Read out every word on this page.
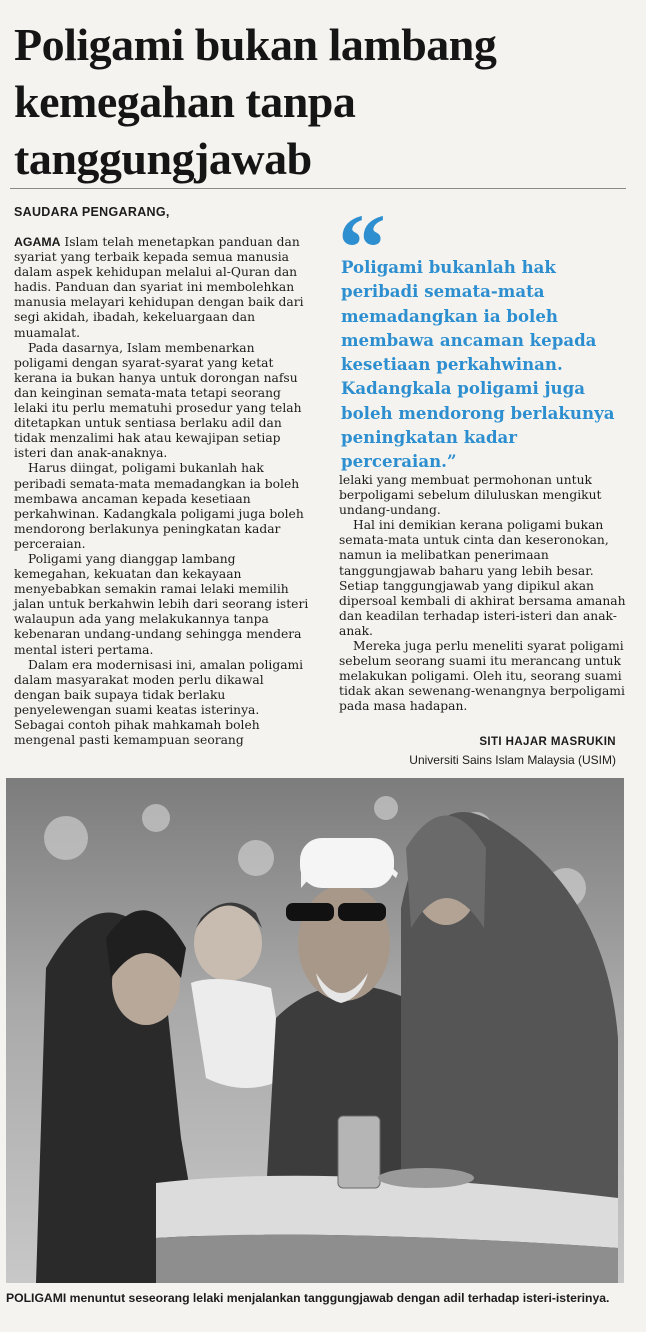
Poligami bukan lambang
kemegahan tanpa
tanggungjawab
SAUDARA PENGARANG,

AGAMA Islam telah menetapkan panduan dan syariat yang terbaik kepada semua manusia dalam aspek kehidupan melalui al-Quran dan hadis. Panduan dan syariat ini membolehkan manusia melayari kehidupan dengan baik dari segi akidah, ibadah, kekeluargaan dan muamalat.

Pada dasarnya, Islam membenarkan poligami dengan syarat-syarat yang ketat kerana ia bukan hanya untuk dorongan nafsu dan keinginan semata-mata tetapi seorang lelaki itu perlu mematuhi prosedur yang telah ditetapkan untuk sentiasa berlaku adil dan tidak menzalimi hak atau kewajipan setiap isteri dan anak-anaknya.

Harus diingat, poligami bukanlah hak peribadi semata-mata memadangkan ia boleh membawa ancaman kepada kesetiaan perkahwinan. Kadangkala poligami juga boleh mendorong berlakunya peningkatan kadar perceraian.

Poligami yang dianggap lambang kemegahan, kekuatan dan kekayaan menyebabkan semakin ramai lelaki memilih jalan untuk berkahwin lebih dari seorang isteri walaupun ada yang melakukannya tanpa kebenaran undang-undang sehingga mendera mental isteri pertama.

Dalam era modernisasi ini, amalan poligami dalam masyarakat moden perlu dikawal dengan baik supaya tidak berlaku penyelewengan suami keatas isterinya. Sebagai contoh pihak mahkamah boleh mengenal pasti kemampuan seorang

“
Poligami bukanlah hak peribadi semata-mata memadangkan ia boleh membawa ancaman kepada kesetiaan perkahwinan. Kadangkala poligami juga boleh mendorong berlakunya peningkatan kadar perceraian.”

lelaki yang membuat permohonan untuk berpoligami sebelum diluluskan mengikut undang-undang.

Hal ini demikian kerana poligami bukan semata-mata untuk cinta dan keseronokan, namun ia melibatkan penerimaan tanggungjawab baharu yang lebih besar. Setiap tanggungjawab yang dipikul akan dipersoal kembali di akhirat bersama amanah dan keadilan terhadap isteri-isteri dan anak-anak.

Mereka juga perlu meneliti syarat poligami sebelum seorang suami itu merancang untuk melakukan poligami. Oleh itu, seorang suami tidak akan sewenang-wenangnya berpoligami pada masa hadapan.

SITI HAJAR MASRUKIN
Universiti Sains Islam Malaysia (USIM)
POLIGAMI menuntut seseorang lelaki menjalankan tanggungjawab dengan adil terhadap isteri-isterinya.
